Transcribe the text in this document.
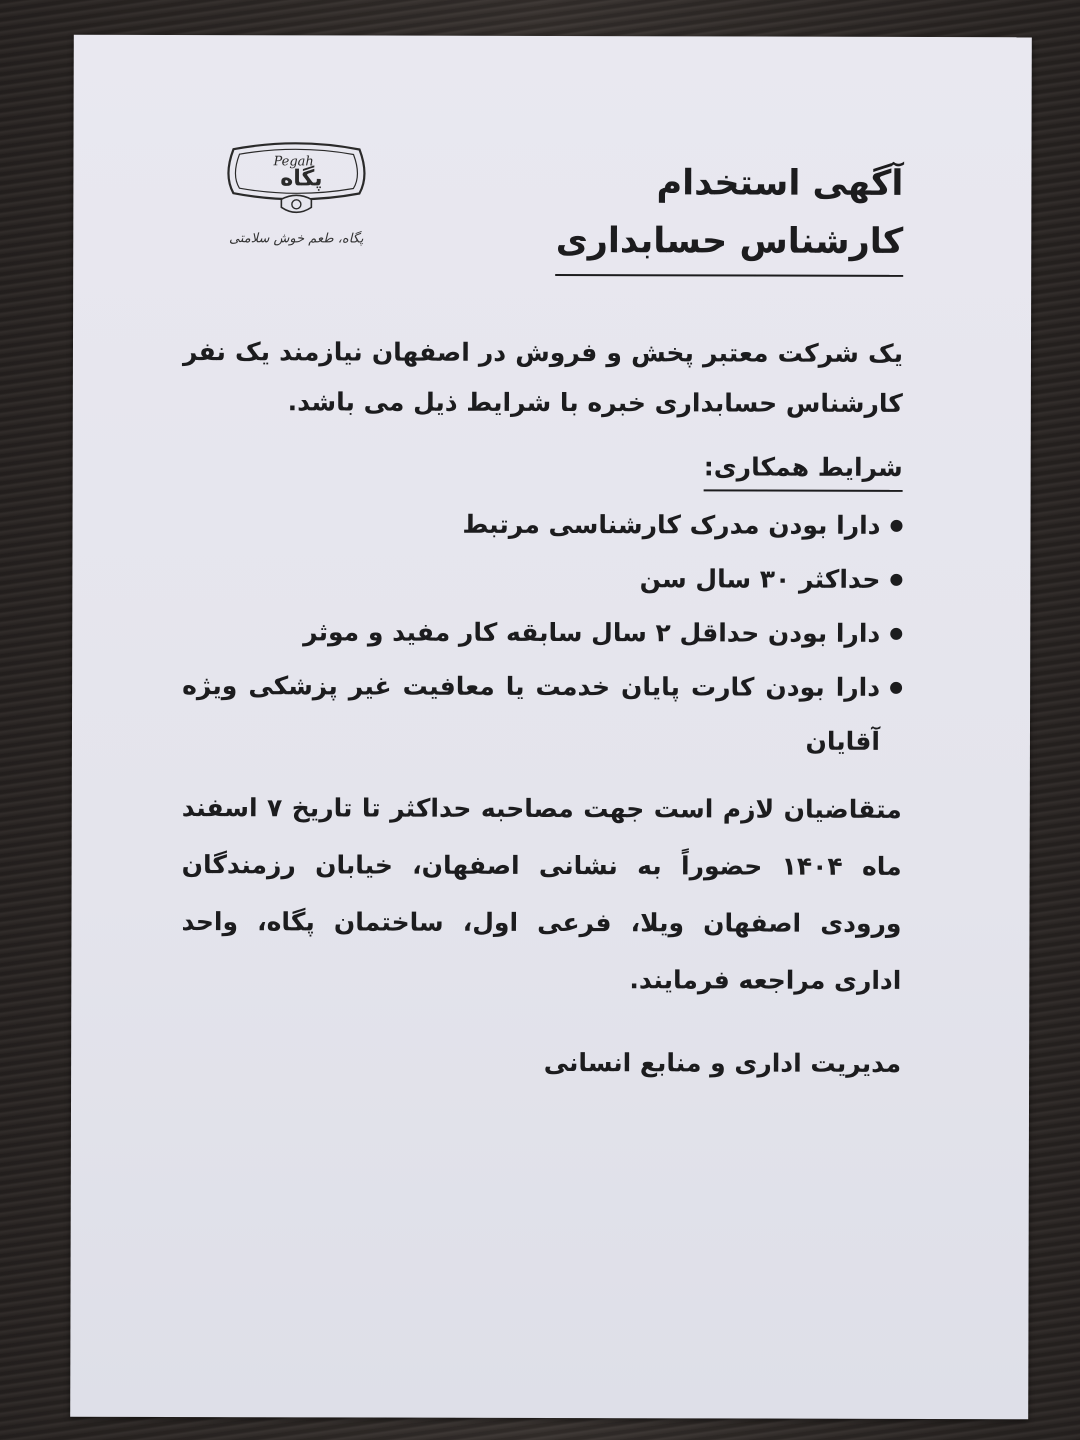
Pegah
پگاه
پگاه، طعم خوش سلامتی
آگهی استخدام
کارشناس حسابداری

یک شرکت معتبر پخش و فروش در اصفهان نیازمند یک نفر کارشناس حسابداری خبره با شرایط ذیل می باشد.

شرایط همکاری:
دارا بودن مدرک کارشناسی مرتبط
حداکثر ۳۰ سال سن
دارا بودن حداقل ۲ سال سابقه کار مفید و موثر
دارا بودن کارت پایان خدمت یا معافیت غیر پزشکی ویژه آقایان

متقاضیان لازم است جهت مصاحبه حداکثر تا تاریخ ۷ اسفند ماه ۱۴۰۴ حضوراً به نشانی اصفهان، خیابان رزمندگان ورودی اصفهان ویلا، فرعی اول، ساختمان پگاه، واحد اداری مراجعه فرمایند.

مدیریت اداری و منابع انسانی
